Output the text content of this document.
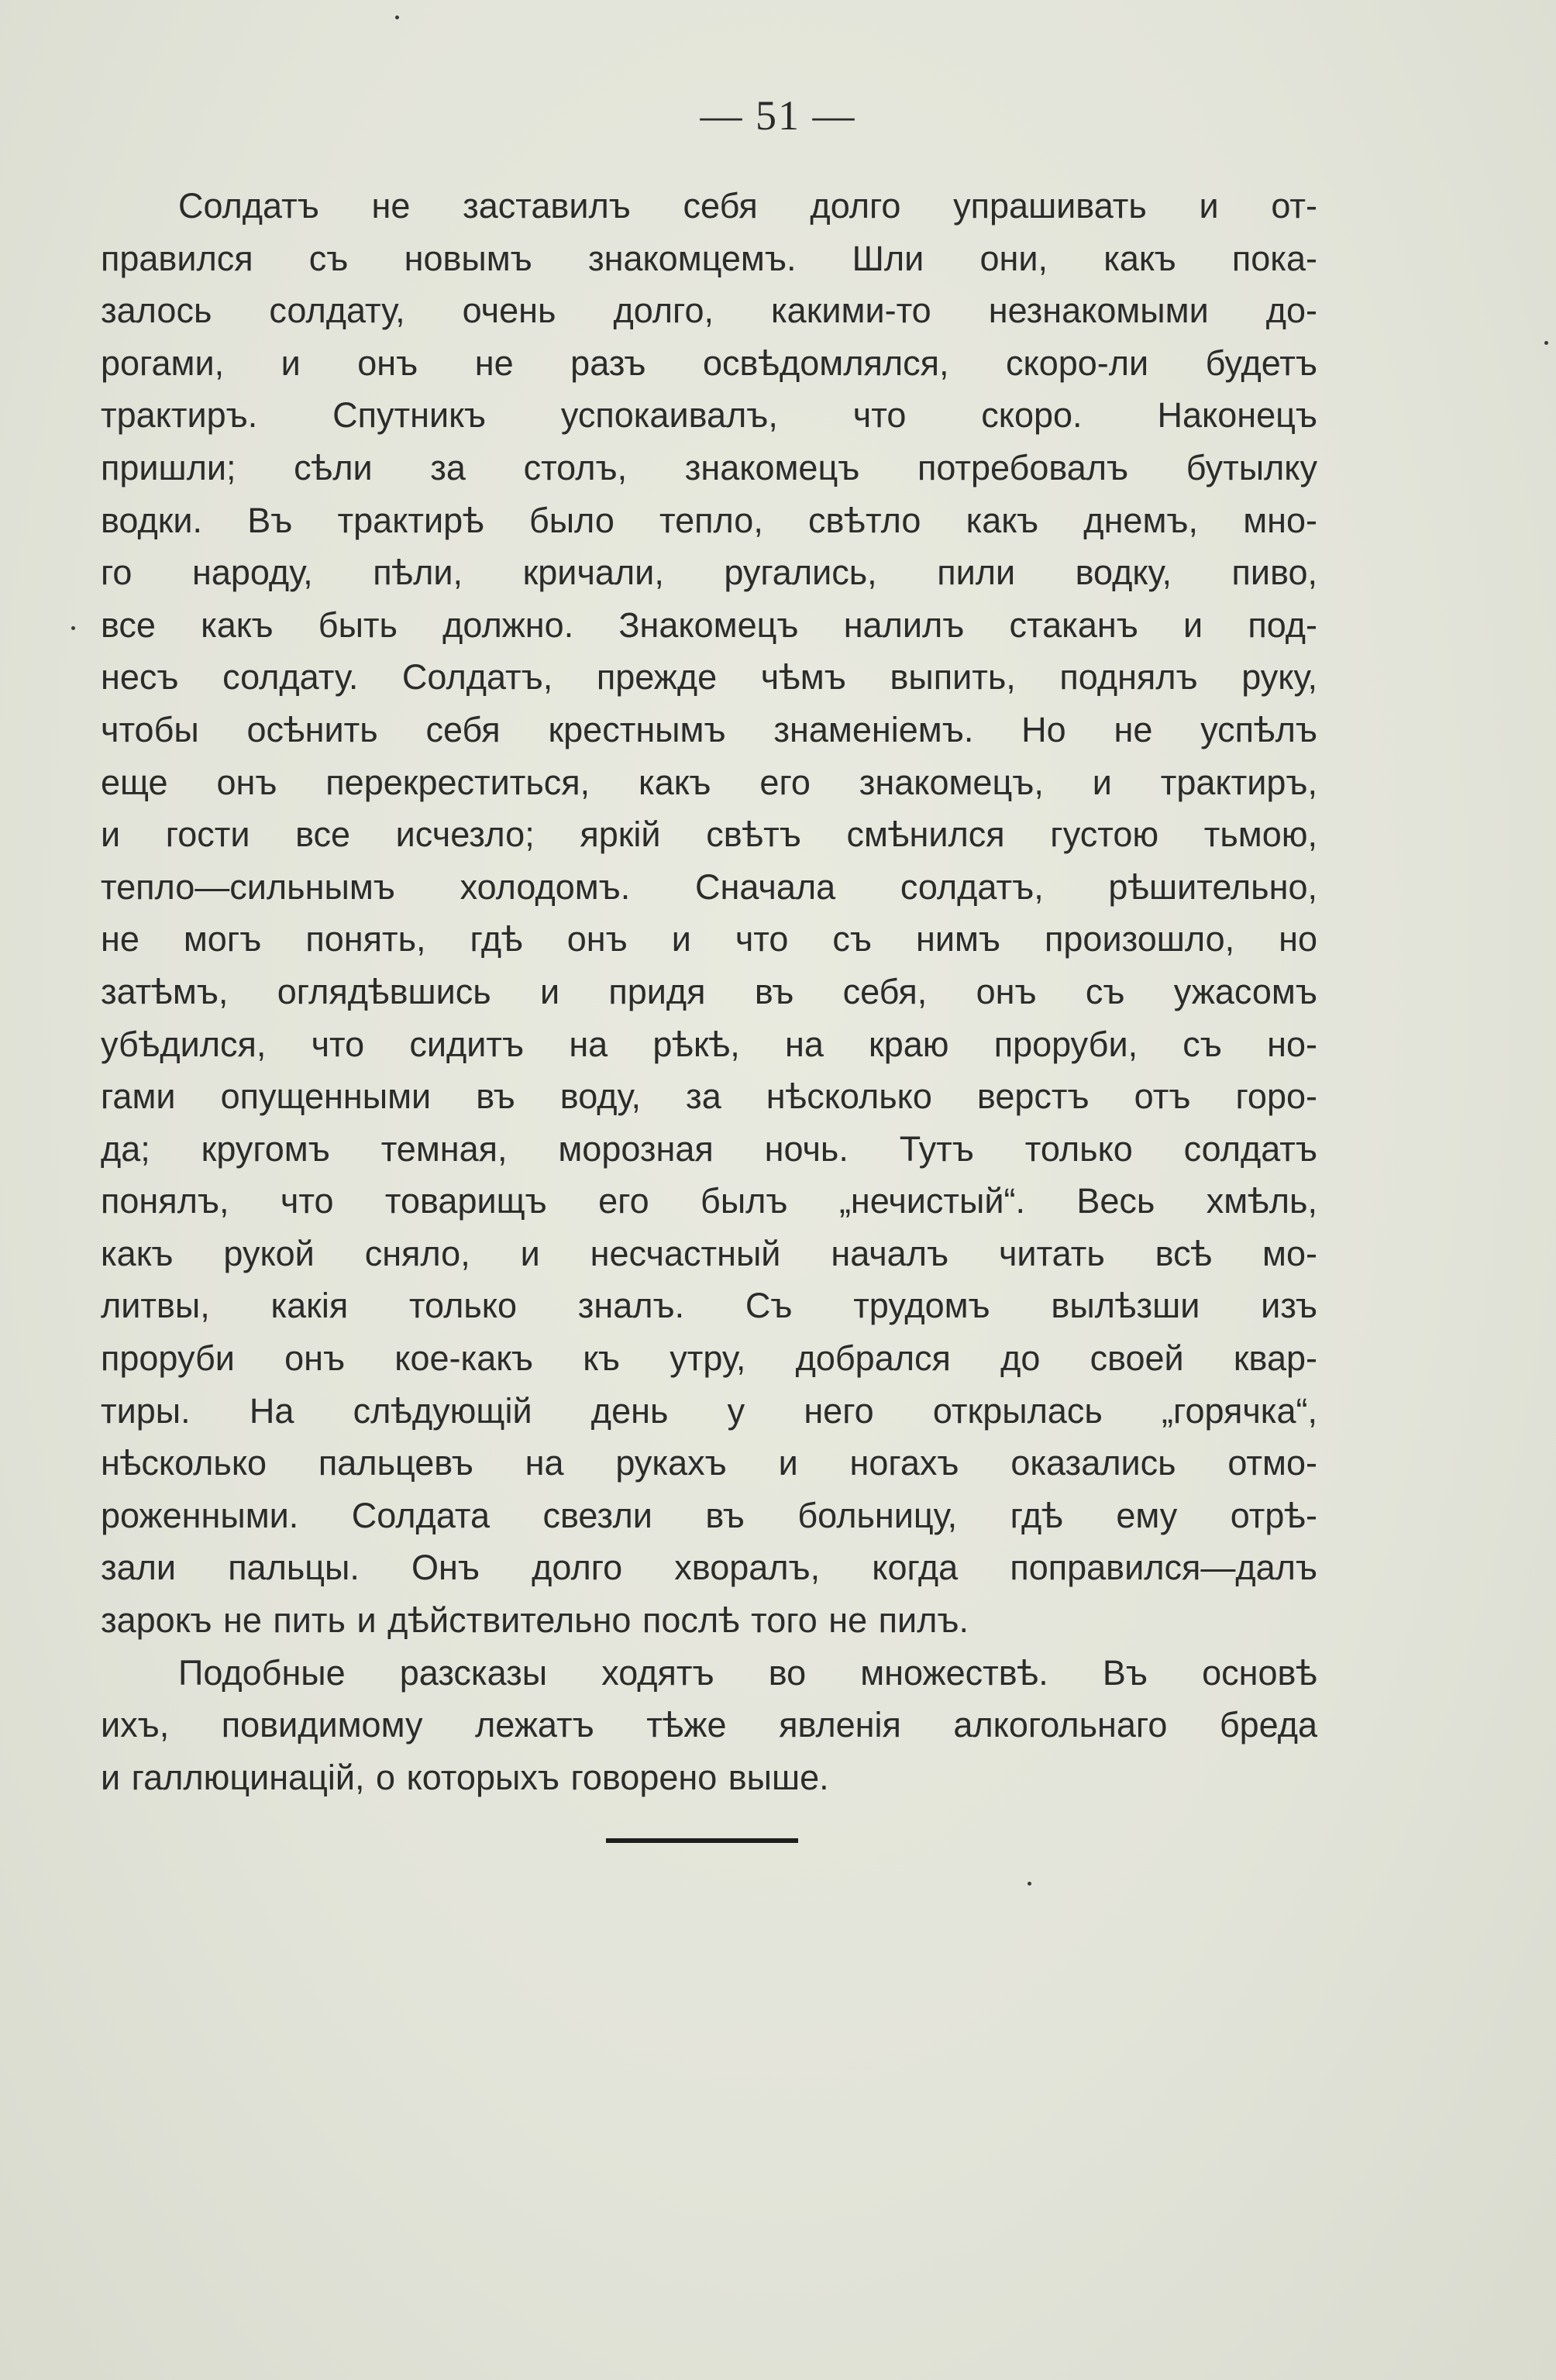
— 51 —
Солдатъ не заставилъ себя долго упрашивать и от-
правился съ новымъ знакомцемъ. Шли они, какъ пока-
залось солдату, очень долго, какими-то незнакомыми до-
рогами, и онъ не разъ освѣдомлялся, скоро-ли будетъ
трактиръ. Спутникъ успокаивалъ, что скоро. Наконецъ
пришли; сѣли за столъ, знакомецъ потребовалъ бутылку
водки. Въ трактирѣ было тепло, свѣтло какъ днемъ, мно-
го народу, пѣли, кричали, ругались, пили водку, пиво,
все какъ быть должно. Знакомецъ налилъ стаканъ и под-
несъ солдату. Солдатъ, прежде чѣмъ выпить, поднялъ руку,
чтобы осѣнить себя крестнымъ знаменіемъ. Но не успѣлъ
еще онъ перекреститься, какъ его знакомецъ, и трактиръ,
и гости все исчезло; яркій свѣтъ смѣнился густою тьмою,
тепло—сильнымъ холодомъ. Сначала солдатъ, рѣшительно,
не могъ понять, гдѣ онъ и что съ нимъ произошло, но
затѣмъ, оглядѣвшись и придя въ себя, онъ съ ужасомъ
убѣдился, что сидитъ на рѣкѣ, на краю проруби, съ но-
гами опущенными въ воду, за нѣсколько верстъ отъ горо-
да; кругомъ темная, морозная ночь. Тутъ только солдатъ
понялъ, что товарищъ его былъ „нечистый“. Весь хмѣль,
какъ рукой сняло, и несчастный началъ читать всѣ мо-
литвы, какія только зналъ. Съ трудомъ вылѣзши изъ
проруби онъ кое-какъ къ утру, добрался до своей квар-
тиры. На слѣдующій день у него открылась „горячка“,
нѣсколько пальцевъ на рукахъ и ногахъ оказались отмо-
роженными. Солдата свезли въ больницу, гдѣ ему отрѣ-
зали пальцы. Онъ долго хворалъ, когда поправился—далъ
зарокъ не пить и дѣйствительно послѣ того не пилъ.
Подобные разсказы ходятъ во множествѣ. Въ основѣ
ихъ, повидимому лежатъ тѣже явленія алкогольнаго бреда
и галлюцинацій, о которыхъ говорено выше.
